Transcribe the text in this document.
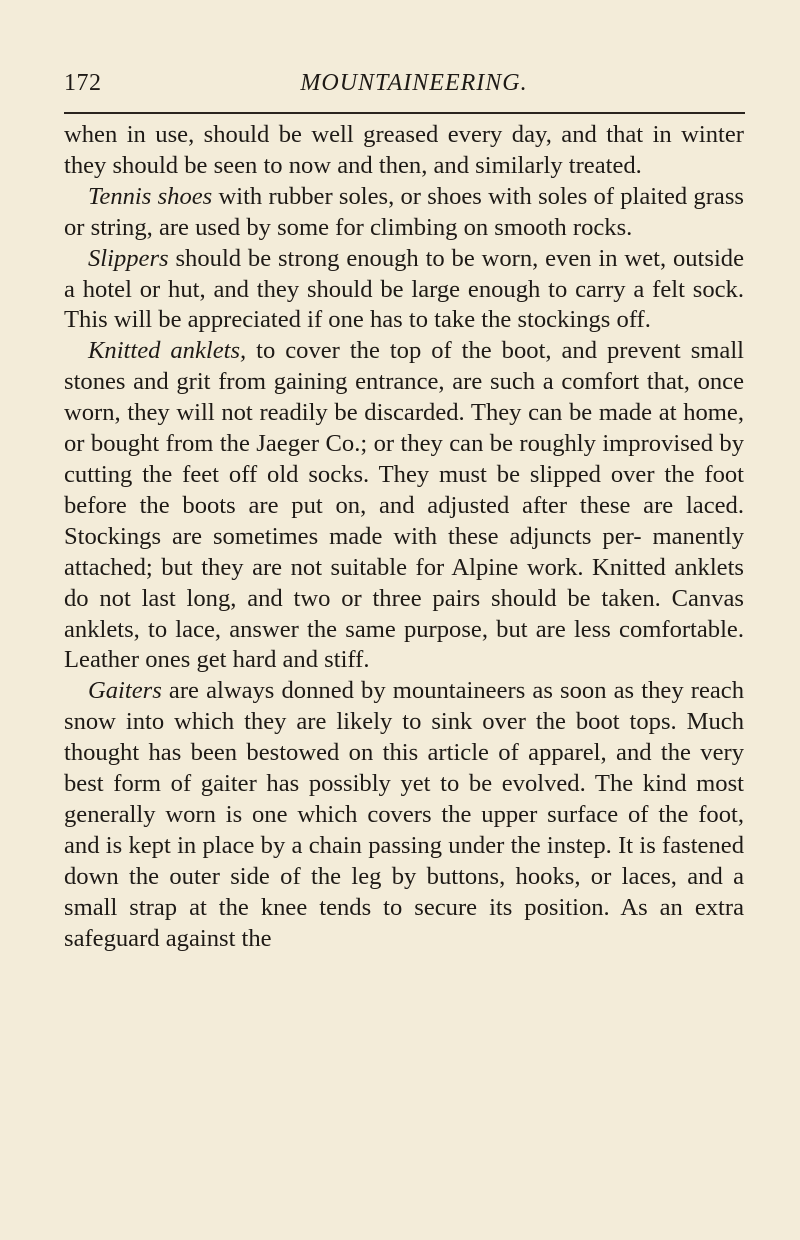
172	MOUNTAINEERING.

when in use, should be well greased every day, and that in winter they should be seen to now and then, and similarly treated.

Tennis shoes with rubber soles, or shoes with soles of plaited grass or string, are used by some for climbing on smooth rocks.

Slippers should be strong enough to be worn, even in wet, outside a hotel or hut, and they should be large enough to carry a felt sock. This will be appreciated if one has to take the stockings off.

Knitted anklets, to cover the top of the boot, and prevent small stones and grit from gaining entrance, are such a comfort that, once worn, they will not readily be discarded. They can be made at home, or bought from the Jaeger Co.; or they can be roughly improvised by cutting the feet off old socks. They must be slipped over the foot before the boots are put on, and adjusted after these are laced. Stockings are sometimes made with these adjuncts per- manently attached; but they are not suitable for Alpine work. Knitted anklets do not last long, and two or three pairs should be taken. Canvas anklets, to lace, answer the same purpose, but are less comfortable. Leather ones get hard and stiff.

Gaiters are always donned by mountaineers as soon as they reach snow into which they are likely to sink over the boot tops. Much thought has been bestowed on this article of apparel, and the very best form of gaiter has possibly yet to be evolved. The kind most generally worn is one which covers the upper surface of the foot, and is kept in place by a chain passing under the instep. It is fastened down the outer side of the leg by buttons, hooks, or laces, and a small strap at the knee tends to secure its position. As an extra safeguard against the
